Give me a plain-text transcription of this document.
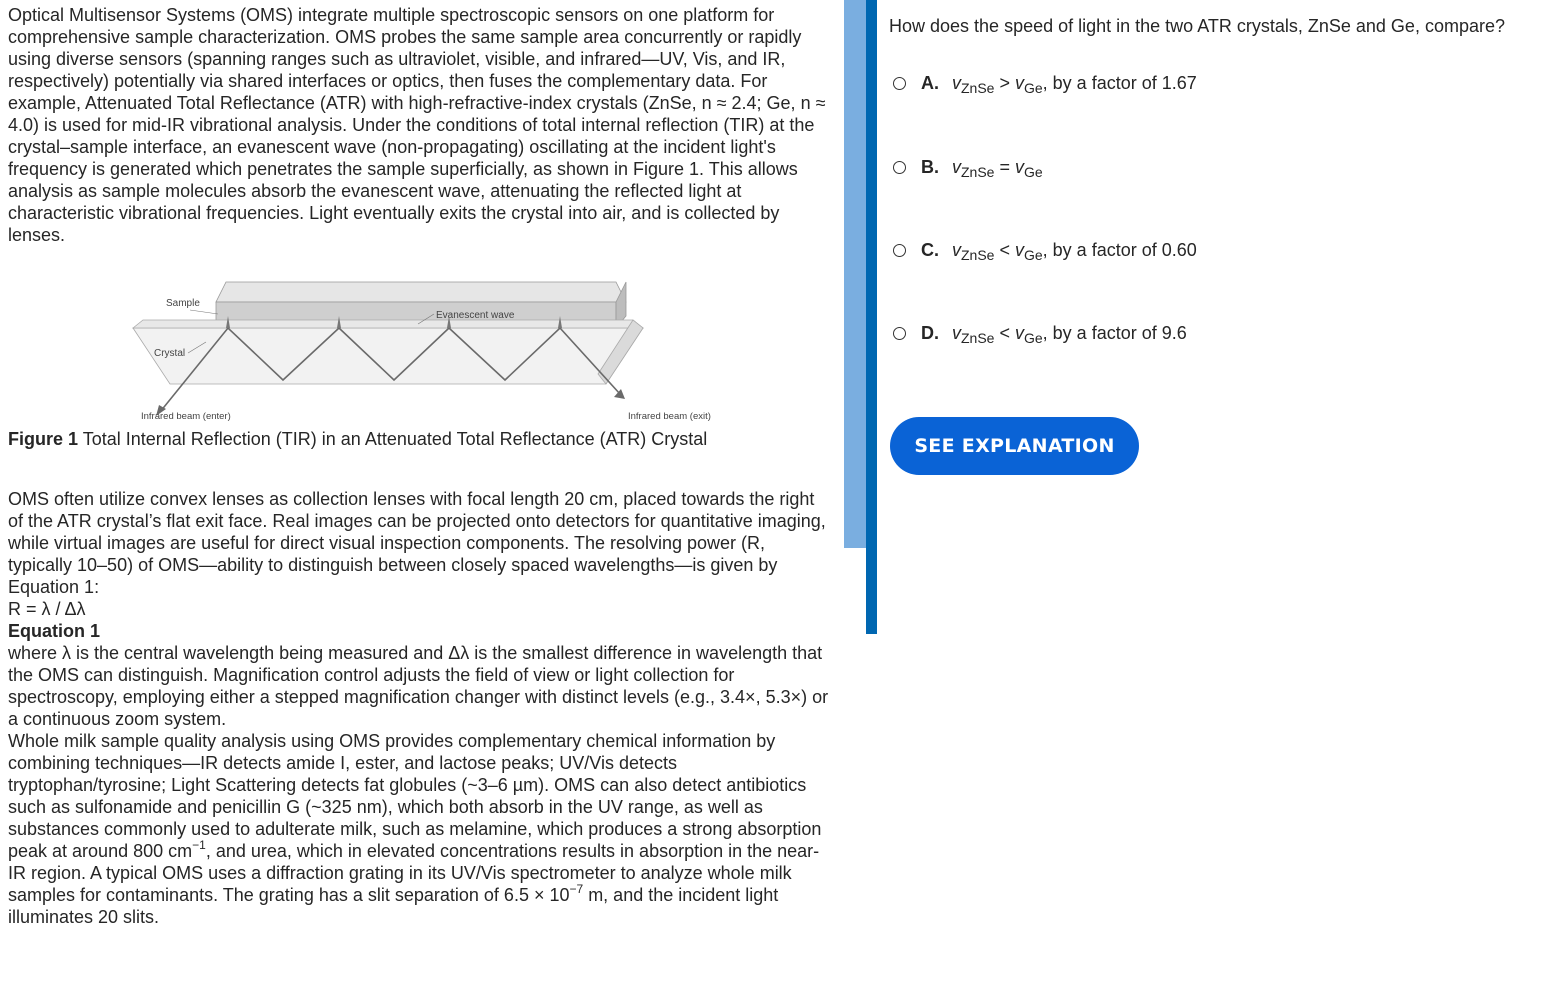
Optical Multisensor Systems (OMS) integrate multiple spectroscopic sensors on one platform for comprehensive sample characterization. OMS probes the same sample area concurrently or rapidly using diverse sensors (spanning ranges such as ultraviolet, visible, and infrared—UV, Vis, and IR, respectively) potentially via shared interfaces or optics, then fuses the complementary data. For example, Attenuated Total Reflectance (ATR) with high-refractive-index crystals (ZnSe, n ≈ 2.4; Ge, n ≈ 4.0) is used for mid-IR vibrational analysis. Under the conditions of total internal reflection (TIR) at the crystal–sample interface, an evanescent wave (non-propagating) oscillating at the incident light's frequency is generated which penetrates the sample superficially, as shown in Figure 1. This allows analysis as sample molecules absorb the evanescent wave, attenuating the reflected light at characteristic vibrational frequencies. Light eventually exits the crystal into air, and is collected by lenses.

Sample
Crystal
Evanescent wave
Infrared beam (enter)	Infrared beam (exit)
Figure 1 Total Internal Reflection (TIR) in an Attenuated Total Reflectance (ATR) Crystal

OMS often utilize convex lenses as collection lenses with focal length 20 cm, placed towards the right of the ATR crystal’s flat exit face. Real images can be projected onto detectors for quantitative imaging, while virtual images are useful for direct visual inspection components. The resolving power (R, typically 10–50) of OMS—ability to distinguish between closely spaced wavelengths—is given by Equation 1:

R = λ / Δλ

Equation 1

where λ is the central wavelength being measured and Δλ is the smallest difference in wavelength that the OMS can distinguish. Magnification control adjusts the field of view or light collection for spectroscopy, employing either a stepped magnification changer with distinct levels (e.g., 3.4×, 5.3×) or a continuous zoom system.

Whole milk sample quality analysis using OMS provides complementary chemical information by combining techniques—IR detects amide I, ester, and lactose peaks; UV/Vis detects tryptophan/tyrosine; Light Scattering detects fat globules (~3–6 µm). OMS can also detect antibiotics such as sulfonamide and penicillin G (~325 nm), which both absorb in the UV range, as well as substances commonly used to adulterate milk, such as melamine, which produces a strong absorption peak at around 800 $cm^{-1}$, and urea, which in elevated concentrations results in absorption in the near-IR region. A typical OMS uses a diffraction grating in its UV/Vis spectrometer to analyze whole milk samples for contaminants. The grating has a slit separation of $6.5 \times 10^{-7}$ m, and the incident light illuminates 20 slits.

How does the speed of light in the two ATR crystals, ZnSe and Ge, compare?
A. $v_{ZnSe} > v_{Ge}$, by a factor of 1.67
B. $v_{ZnSe} = v_{Ge}$
C. $v_{ZnSe} < v_{Ge}$, by a factor of 0.60
D. $v_{ZnSe} < v_{Ge}$, by a factor of 9.6
SEE EXPLANATION
